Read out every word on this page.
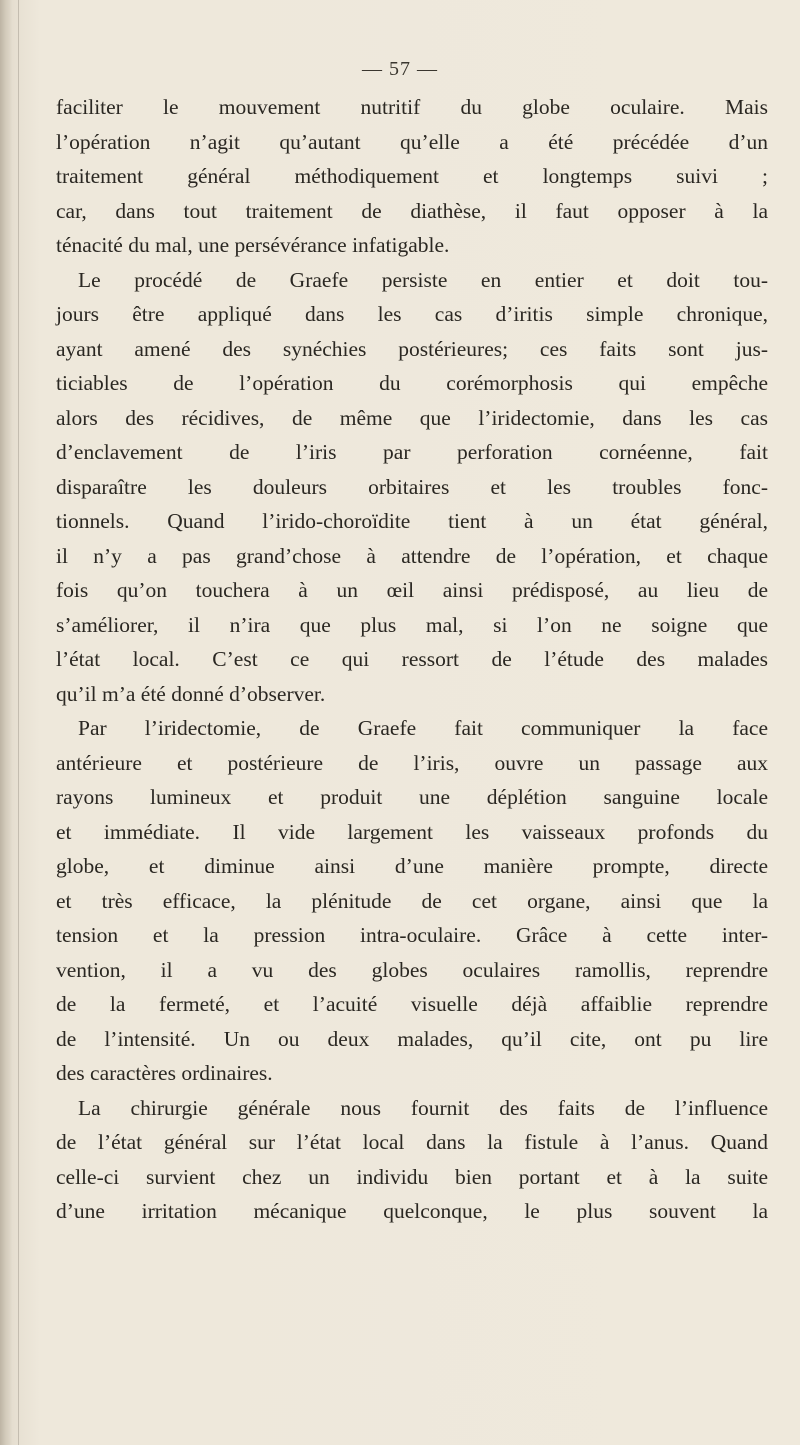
— 57 —
faciliter le mouvement nutritif du globe oculaire. Mais
l’opération n’agit qu’autant qu’elle a été précédée d’un
traitement général méthodiquement et longtemps suivi ;
car, dans tout traitement de diathèse, il faut opposer à la
ténacité du mal, une persévérance infatigable.
Le procédé de Graefe persiste en entier et doit tou-
jours être appliqué dans les cas d’iritis simple chronique,
ayant amené des synéchies postérieures; ces faits sont jus-
ticiables de l’opération du corémorphosis qui empêche
alors des récidives, de même que l’iridectomie, dans les cas
d’enclavement de l’iris par perforation cornéenne, fait
disparaître les douleurs orbitaires et les troubles fonc-
tionnels. Quand l’irido-choroïdite tient à un état général,
il n’y a pas grand’chose à attendre de l’opération, et chaque
fois qu’on touchera à un œil ainsi prédisposé, au lieu de
s’améliorer, il n’ira que plus mal, si l’on ne soigne que
l’état local. C’est ce qui ressort de l’étude des malades
qu’il m’a été donné d’observer.
Par l’iridectomie, de Graefe fait communiquer la face
antérieure et postérieure de l’iris, ouvre un passage aux
rayons lumineux et produit une déplétion sanguine locale
et immédiate. Il vide largement les vaisseaux profonds du
globe, et diminue ainsi d’une manière prompte, directe
et très efficace, la plénitude de cet organe, ainsi que la
tension et la pression intra-oculaire. Grâce à cette inter-
vention, il a vu des globes oculaires ramollis, reprendre
de la fermeté, et l’acuité visuelle déjà affaiblie reprendre
de l’intensité. Un ou deux malades, qu’il cite, ont pu lire
des caractères ordinaires.
La chirurgie générale nous fournit des faits de l’influence
de l’état général sur l’état local dans la fistule à l’anus. Quand
celle-ci survient chez un individu bien portant et à la suite
d’une irritation mécanique quelconque, le plus souvent la
